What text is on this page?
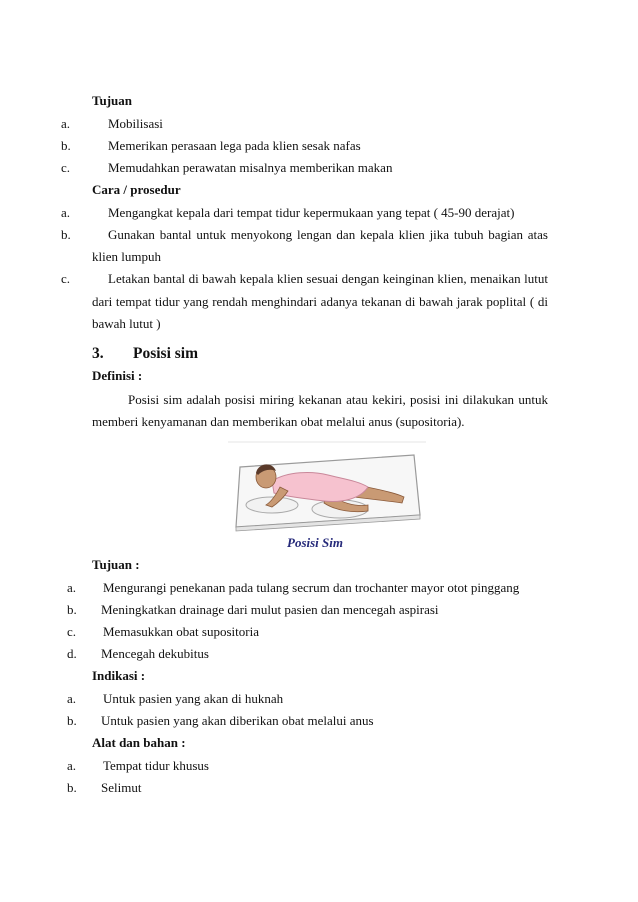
Tujuan
a.	Mobilisasi
b.	Memerikan perasaan lega pada klien sesak nafas
c.	Memudahkan perawatan misalnya memberikan makan
Cara / prosedur
a.	Mengangkat kepala dari tempat tidur kepermukaan yang tepat ( 45-90 derajat)
b.	Gunakan bantal untuk menyokong lengan dan kepala klien jika tubuh bagian atas
klien lumpuh
c.	Letakan bantal di bawah kepala klien sesuai dengan keinginan klien, menaikan lutut
dari tempat tidur yang rendah menghindari adanya tekanan di bawah jarak poplital ( di
bawah lutut )
3. Posisi sim
Definisi :
Posisi sim adalah posisi miring kekanan atau kekiri, posisi ini dilakukan untuk
memberi kenyamanan dan memberikan obat melalui anus (supositoria).
Posisi Sim
Tujuan :
a. Mengurangi penekanan pada tulang secrum dan trochanter mayor otot pinggang
b. Meningkatkan drainage dari mulut pasien dan mencegah aspirasi
c. Memasukkan obat supositoria
d. Mencegah dekubitus
Indikasi :
a. Untuk pasien yang akan di huknah
b. Untuk pasien yang akan diberikan obat melalui anus
Alat dan bahan :
a. Tempat tidur khusus
b. Selimut
